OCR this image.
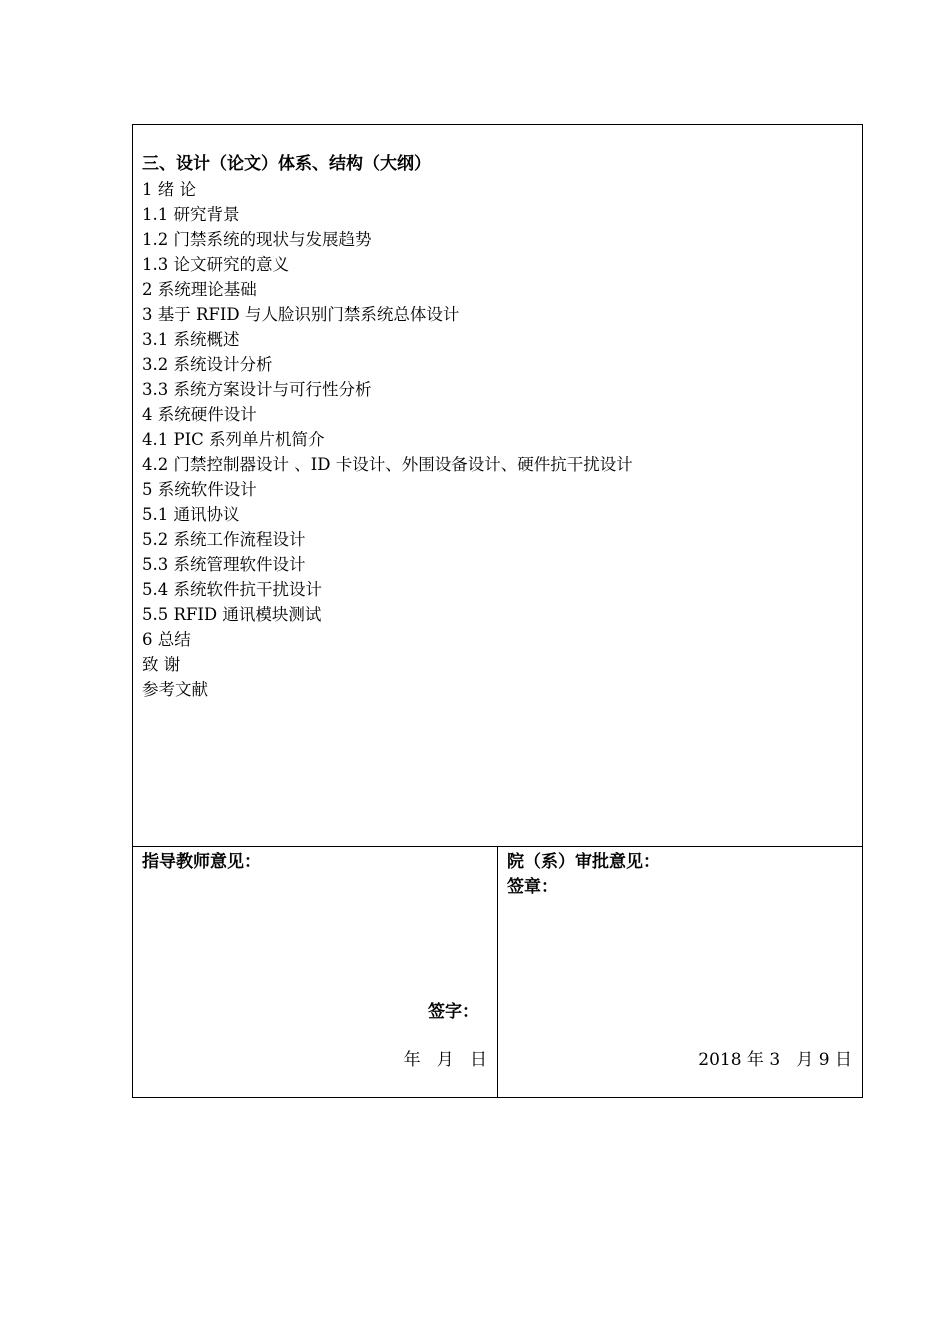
三、设计（论文）体系、结构（大纲）
1 绪 论
1.1 研究背景
1.2 门禁系统的现状与发展趋势
1.3 论文研究的意义
2 系统理论基础
3 基于 RFID 与人脸识别门禁系统总体设计
3.1 系统概述
3.2 系统设计分析
3.3 系统方案设计与可行性分析
4 系统硬件设计
4.1 PIC 系列单片机简介
4.2 门禁控制器设计 、ID 卡设计、外围设备设计、硬件抗干扰设计
5 系统软件设计
5.1 通讯协议
5.2 系统工作流程设计
5.3 系统管理软件设计
5.4 系统软件抗干扰设计
5.5 RFID 通讯模块测试
6 总结
致 谢
参考文献
指导教师意见：
签字：
年   月   日
院（系）审批意见：
签章：
2018 年 3   月 9 日
